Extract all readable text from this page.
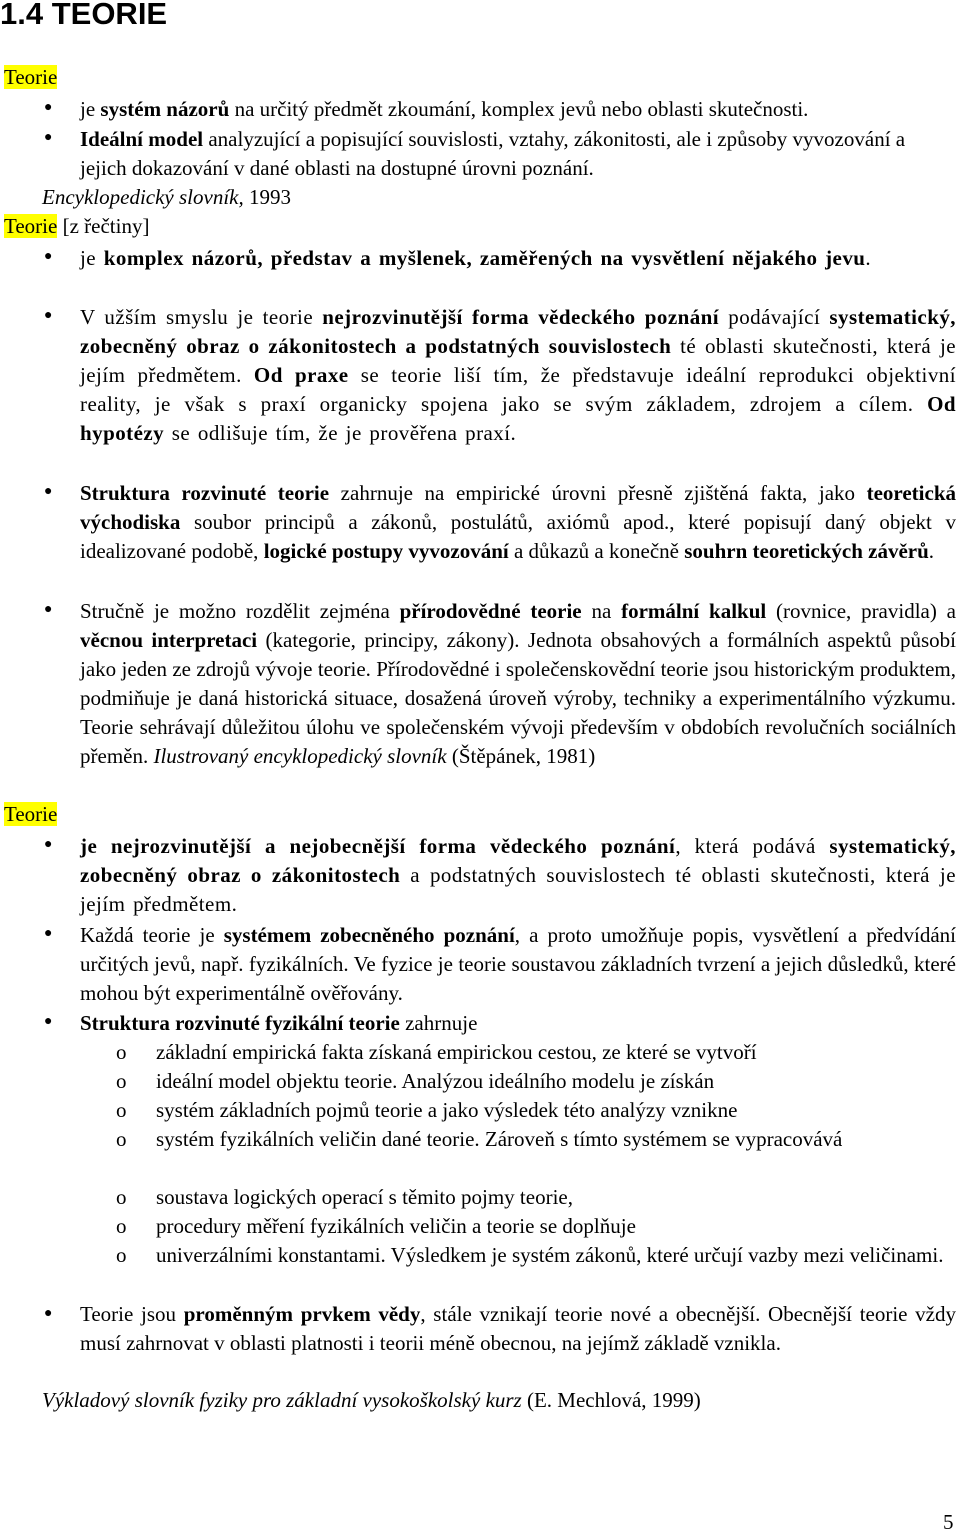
1.4 TEORIE
Teorie
● je systém názorů na určitý předmět zkoumání, komplex jevů nebo oblasti skutečnosti.
● Ideální model analyzující a popisující souvislosti, vztahy, zákonitosti, ale i způsoby vyvozování a jejich dokazování v dané oblasti na dostupné úrovni poznání.
Encyklopedický slovník, 1993
Teorie [z řečtiny]
● je komplex názorů, představ a myšlenek, zaměřených na vysvětlení nějakého jevu.
● V užším smyslu je teorie nejrozvinutější forma vědeckého poznání podávající systematický, zobecněný obraz o zákonitostech a podstatných souvislostech té oblasti skutečnosti, která je jejím předmětem. Od praxe se teorie liší tím, že představuje ideální reprodukci objektivní reality, je však s praxí organicky spojena jako se svým základem, zdrojem a cílem. Od hypotézy se odlišuje tím, že je prověřena praxí.
● Struktura rozvinuté teorie zahrnuje na empirické úrovni přesně zjištěná fakta, jako teoretická východiska soubor principů a zákonů, postulátů, axiómů apod., které popisují daný objekt v idealizované podobě, logické postupy vyvozování a důkazů a konečně souhrn teoretických závěrů.
● Stručně je možno rozdělit zejména přírodovědné teorie na formální kalkul (rovnice, pravidla) a věcnou interpretaci (kategorie, principy, zákony). Jednota obsahových a formálních aspektů působí jako jeden ze zdrojů vývoje teorie. Přírodovědné i společenskovědní teorie jsou historickým produktem, podmiňuje je daná historická situace, dosažená úroveň výroby, techniky a experimentálního výzkumu. Teorie sehrávají důležitou úlohu ve společenském vývoji především v obdobích revolučních sociálních přeměn. Ilustrovaný encyklopedický slovník (Štěpánek, 1981)
Teorie
● je nejrozvinutější a nejobecnější forma vědeckého poznání, která podává systematický, zobecněný obraz o zákonitostech a podstatných souvislostech té oblasti skutečnosti, která je jejím předmětem.
● Každá teorie je systémem zobecněného poznání, a proto umožňuje popis, vysvětlení a předvídání určitých jevů, např. fyzikálních. Ve fyzice je teorie soustavou základních tvrzení a jejich důsledků, které mohou být experimentálně ověřovány.
● Struktura rozvinuté fyzikální teorie zahrnuje
o základní empirická fakta získaná empirickou cestou, ze které se vytvoří
o ideální model objektu teorie. Analýzou ideálního modelu je získán
o systém základních pojmů teorie a jako výsledek této analýzy vznikne
o systém fyzikálních veličin dané teorie. Zároveň s tímto systémem se vypracovává
o soustava logických operací s těmito pojmy teorie,
o procedury měření fyzikálních veličin a teorie se doplňuje
o univerzálními konstantami. Výsledkem je systém zákonů, které určují vazby mezi veličinami.
● Teorie jsou proměnným prvkem vědy, stále vznikají teorie nové a obecnější. Obecnější teorie vždy musí zahrnovat v oblasti platnosti i teorii méně obecnou, na jejímž základě vznikla.
Výkladový slovník fyziky pro základní vysokoškolský kurz (E. Mechlová, 1999)
5
